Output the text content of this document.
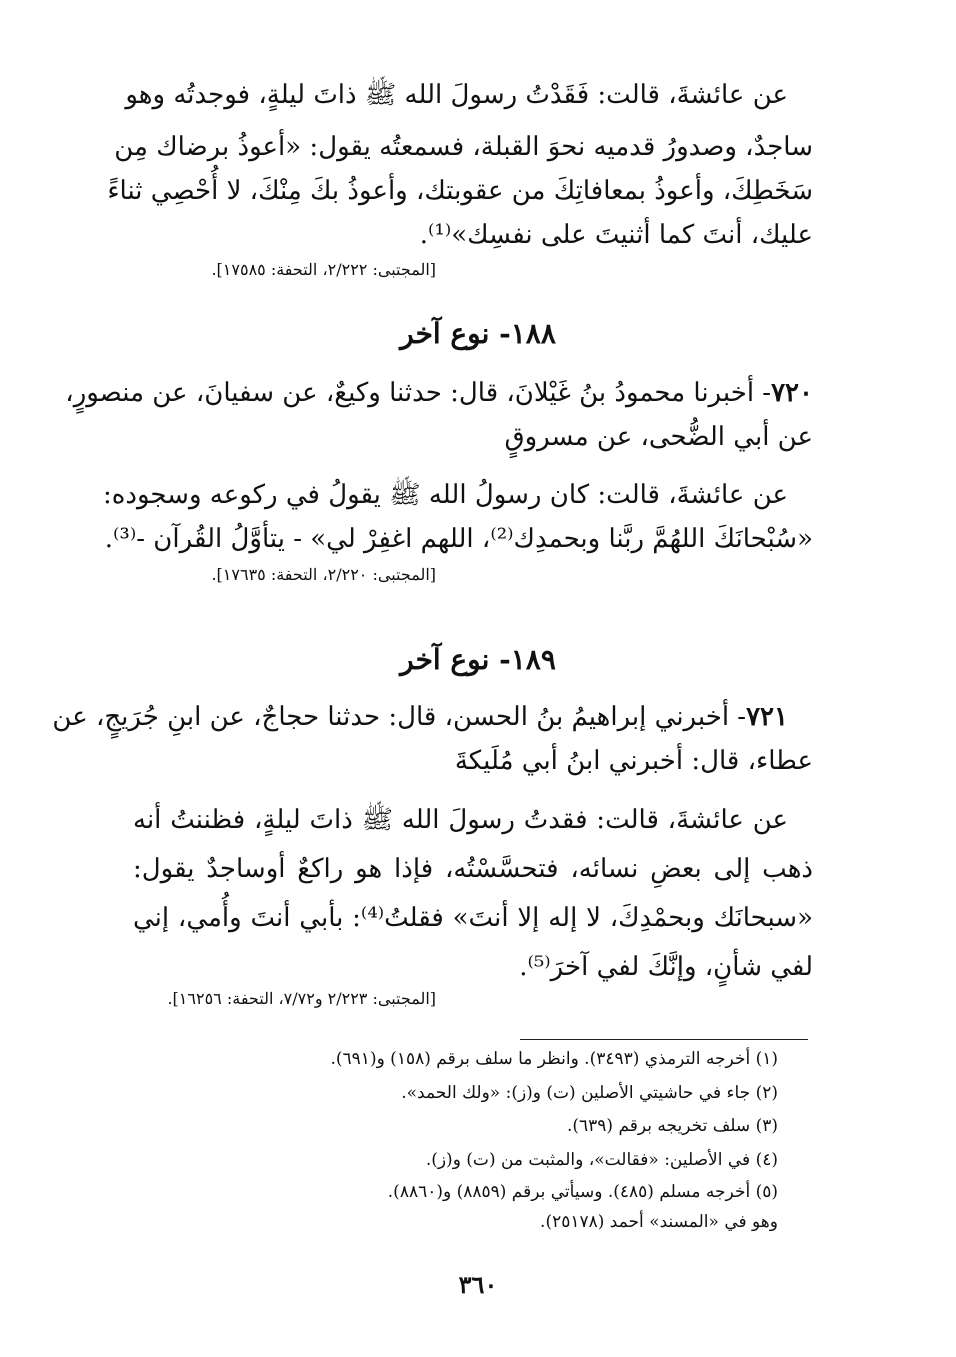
عن عائشةَ، قالت: فَقَدْتُ رسولَ الله ﷺ ذاتَ ليلةٍ، فوجدتُه وهو
ساجدٌ، وصدورُ قدميه نحوَ القبلة، فسمعتُه يقول: «أعوذُ برضاك مِن
سَخَطِكَ، وأعوذُ بمعافاتِكَ من عقوبتك، وأعوذُ بكَ مِنْكَ، لا أُحْصِي ثناءً
عليك، أنتَ كما أثنيتَ على نفسِك»⁽¹⁾.
[المجتبى: ٢/٢٢٢، التحفة: ١٧٥٨٥].
١٨٨- نوع آخر
٧٢٠- أخبرنا محمودُ بنُ غَيْلانَ، قال: حدثنا وكيعٌ، عن سفيانَ، عن منصورٍ،
عن أبي الضُّحى، عن مسروقٍ
عن عائشةَ، قالت: كان رسولُ الله ﷺ يقولُ في ركوعه وسجوده:
«سُبْحانَكَ اللهُمَّ ربَّنا وبحمدِك⁽²⁾، اللهم اغفِرْ لي» - يتأوَّلُ القُرآن -⁽³⁾.
[المجتبى: ٢/٢٢٠، التحفة: ١٧٦٣٥].
١٨٩- نوع آخر
٧٢١- أخبرني إبراهيمُ بنُ الحسن، قال: حدثنا حجاجٌ، عن ابنِ جُرَيجٍ، عن
عطاء، قال: أخبرني ابنُ أبي مُلَيكةَ
عن عائشةَ، قالت: فقدتُ رسولَ الله ﷺ ذاتَ ليلةٍ، فظننتُ أنه
ذهب إلى بعضِ نسائه، فتحسَّسْتُه، فإذا هو راكعٌ أوساجدٌ يقول:
«سبحانَك وبحمْدِكَ، لا إله إلا أنتَ» فقلتُ⁽⁴⁾: بأبي أنتَ وأُمي، إني
لفي شأنٍ، وإنَّكَ لفي آخرَ⁽⁵⁾.
[المجتبى: ٢/٢٢٣ و٧/٧٢، التحفة: ١٦٢٥٦].
(١) أخرجه الترمذي (٣٤٩٣). وانظر ما سلف برقم (١٥٨) و(٦٩١).
(٢) جاء في حاشيتي الأصلين (ت) و(ز): «ولك الحمد».
(٣) سلف تخريجه برقم (٦٣٩).
(٤) في الأصلين: «فقالت»، والمثبت من (ت) و(ز).
(٥) أخرجه مسلم (٤٨٥). وسيأتي برقم (٨٨٥٩) و(٨٨٦٠).
وهو في «المسند» أحمد (٢٥١٧٨).
٣٦٠
